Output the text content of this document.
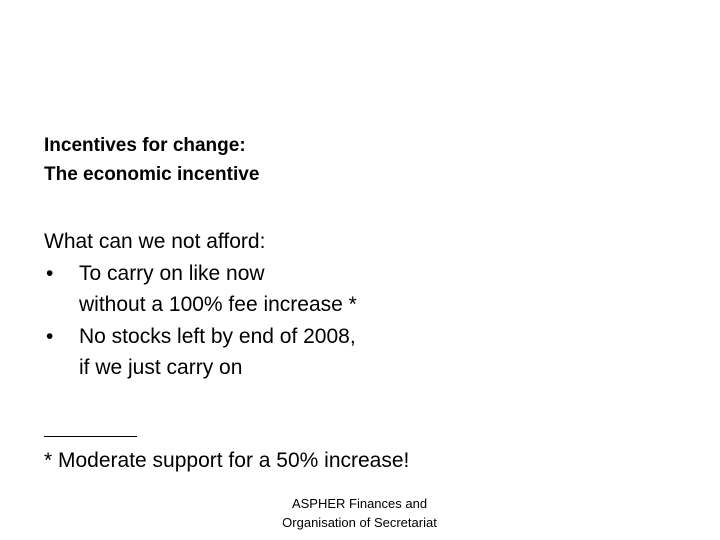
Incentives for change:
The economic incentive
What can we not afford:
•	To carry on like now
without a 100% fee increase *
•	No stocks left by end of 2008,
if we just carry on
* Moderate support for a 50% increase!
ASPHER Finances and
Organisation of Secretariat
